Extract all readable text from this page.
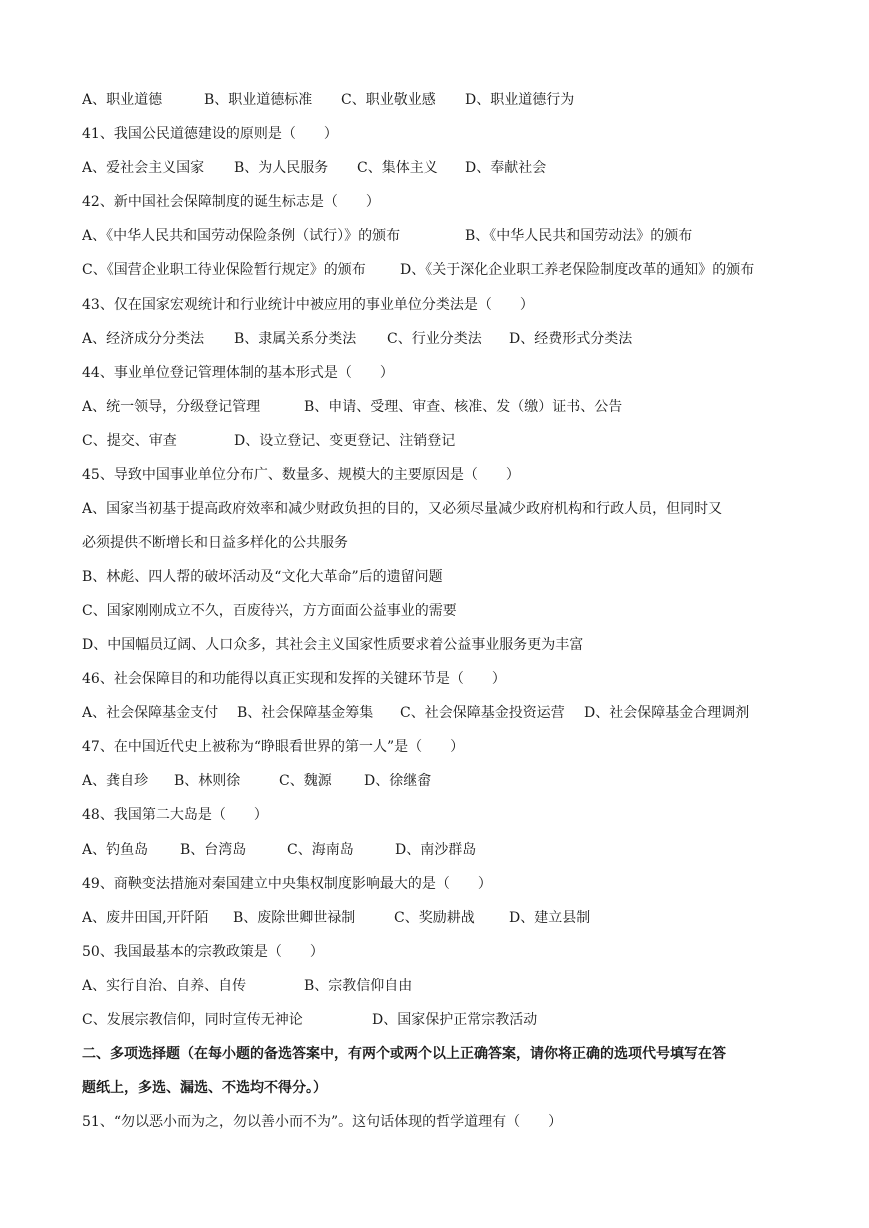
A、职业道德	B、职业道德标准	C、职业敬业感	D、职业道德行为
41、我国公民道德建设的原则是（　　）
A、爱社会主义国家	B、为人民服务	C、集体主义	D、奉献社会
42、新中国社会保障制度的诞生标志是（　　）
A、《中华人民共和国劳动保险条例（试行）》的颁布	B、《中华人民共和国劳动法》的颁布
C、《国营企业职工待业保险暂行规定》的颁布	D、《关于深化企业职工养老保险制度改革的通知》的颁布
43、仅在国家宏观统计和行业统计中被应用的事业单位分类法是（　　）
A、经济成分分类法	B、隶属关系分类法	C、行业分类法	D、经费形式分类法
44、事业单位登记管理体制的基本形式是（　　）
A、统一领导，分级登记管理	B、申请、受理、审查、核准、发（缴）证书、公告
C、提交、审查	D、设立登记、变更登记、注销登记
45、导致中国事业单位分布广、数量多、规模大的主要原因是（　　）
A、国家当初基于提高政府效率和减少财政负担的目的，又必须尽量减少政府机构和行政人员，但同时又
必须提供不断增长和日益多样化的公共服务
B、林彪、四人帮的破坏活动及“文化大革命”后的遗留问题
C、国家刚刚成立不久，百废待兴，方方面面公益事业的需要
D、中国幅员辽阔、人口众多，其社会主义国家性质要求着公益事业服务更为丰富
46、社会保障目的和功能得以真正实现和发挥的关键环节是（　　）
A、社会保障基金支付	B、社会保障基金筹集	C、社会保障基金投资运营	D、社会保障基金合理调剂
47、在中国近代史上被称为“睁眼看世界的第一人”是（　　）
A、龚自珍	B、林则徐	C、魏源	D、徐继畲
48、我国第二大岛是（　　）
A、钓鱼岛	B、台湾岛	C、海南岛	D、南沙群岛
49、商鞅变法措施对秦国建立中央集权制度影响最大的是（　　）
A、废井田国,开阡陌	B、废除世卿世禄制	C、奖励耕战	D、建立县制
50、我国最基本的宗教政策是（　　）
A、实行自治、自养、自传	B、宗教信仰自由
C、发展宗教信仰，同时宣传无神论	D、国家保护正常宗教活动
二、多项选择题（在每小题的备选答案中，有两个或两个以上正确答案，请你将正确的选项代号填写在答
题纸上，多选、漏选、不选均不得分。）
51、“勿以恶小而为之，勿以善小而不为”。这句话体现的哲学道理有（　　）
